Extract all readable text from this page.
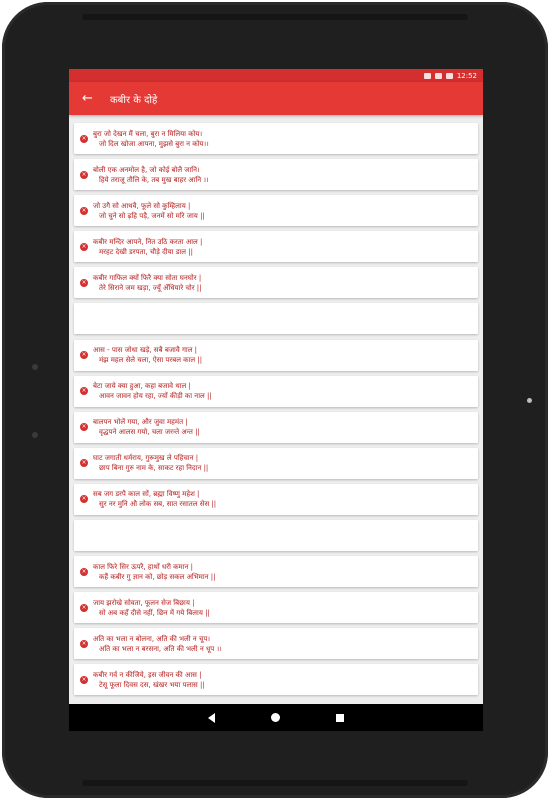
12:52
←	कबीर के दोहे
×
बुरा जो देखन मैं चला, बुरा न मिलिया कोय।
जो दिल खोजा आपना, मुझसे बुरा न कोय।।
×
बोली एक अनमोल है, जो कोई बोलै जानि।
हिये तराजू तौलि के, तब मुख बाहर आनि ।।
×
जो उगै सो आथवै, फूले सो कुम्हिलाय |
जो चुने सो ढ़हि पड़ै, जनमें सो मरि जाय ||
×
कबीर मन्दिर आपने, नित उठि करता आल |
मरहट देखी डरपता, चौड़े दीया डाल ||
×
कबीर गाफिल क्यों फिरै क्या सोता घनघोर |
तेरे सिराने जम खड़ा, ज्यूँ अँधियारे चोर ||
×
आस - पास जोधा खड़े, सबै बजावै गाल |
मंझ महल सेले चला, ऐसा परबल काल ||
×
बेटा जाये क्या हुआ, कहा बजावे थाल |
आवन जावन होय रहा, ज्यों कीड़ी का नाल ||
×
बालपन भोलें गया, और जुवा महमंत |
वृद्धपने आलस गयो, चला जरन्ते अन्त ||
×
घाट जगाती धर्मराय, गुरूमुख ले पहिचान |
छाप बिना गुरु नाम के, साकट रहा निदान ||
×
सब जग डरपै काल सों, ब्रह्मा विष्णु महेश |
सुर नर मुनि औ लोक सब, सात रसातल सेस ||
×
काल फिरे सिर ऊपरै, हाथों धरी कमान |
कहैं कबीर गु ज्ञान को, छोड़ सकल अभिमान ||
×
जाय झरोखे सोवता, फूलन सेज बिछाय |
सो अब कहँ दीसे नहीं, छिन में गये बिलाय ||
×
अति का भला न बोलना, अति की भली न चूप।
अति का भला न बरसना, अति की भली न धूप ।।
×
कबीर गर्व न कीजिये, इस जीवन की आस |
टेसू फूला दिवस दस, खंखर भया पलास ||
